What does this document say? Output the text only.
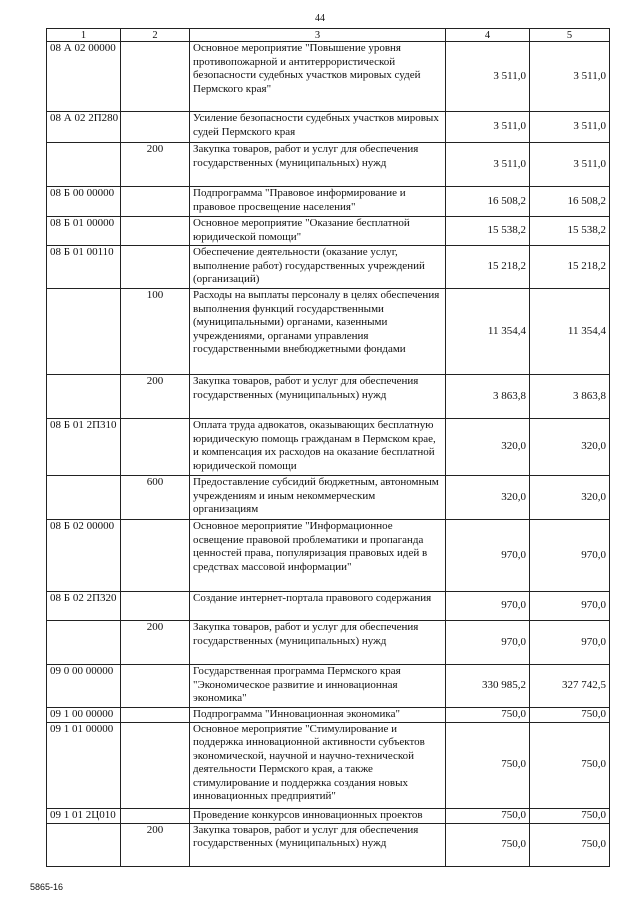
44
1	2	3	4	5
08 А 02 00000		Основное мероприятие "Повышение уровня противопожарной и антитеррористической безопасности судебных участков мировых судей Пермского края"	3 511,0	3 511,0
08 А 02 2П280		Усиление безопасности судебных участков мировых судей Пермского края	3 511,0	3 511,0
	200	Закупка товаров, работ и услуг для обеспечения государственных (муниципальных) нужд	3 511,0	3 511,0
08 Б 00 00000		Подпрограмма "Правовое информирование и правовое просвещение населения"	16 508,2	16 508,2
08 Б 01 00000		Основное мероприятие "Оказание бесплатной юридической помощи"	15 538,2	15 538,2
08 Б 01 00110		Обеспечение деятельности (оказание услуг, выполнение работ) государственных учреждений (организаций)	15 218,2	15 218,2
	100	Расходы на выплаты персоналу в целях обеспечения выполнения функций государственными (муниципальными) органами, казенными учреждениями, органами управления государственными внебюджетными фондами	11 354,4	11 354,4
	200	Закупка товаров, работ и услуг для обеспечения государственных (муниципальных) нужд	3 863,8	3 863,8
08 Б 01 2П310		Оплата труда адвокатов, оказывающих бесплатную юридическую помощь гражданам в Пермском крае, и компенсация их расходов на оказание бесплатной юридической помощи	320,0	320,0
	600	Предоставление субсидий бюджетным, автономным учреждениям и иным некоммерческим организациям	320,0	320,0
08 Б 02 00000		Основное мероприятие "Информационное освещение правовой проблематики и пропаганда ценностей права, популяризация правовых идей в средствах массовой информации"	970,0	970,0
08 Б 02 2П320		Создание интернет-портала правового содержания	970,0	970,0
	200	Закупка товаров, работ и услуг для обеспечения государственных (муниципальных) нужд	970,0	970,0
09 0 00 00000		Государственная программа Пермского края "Экономическое развитие и инновационная экономика"	330 985,2	327 742,5
09 1 00 00000		Подпрограмма "Инновационная экономика"	750,0	750,0
09 1 01 00000		Основное мероприятие "Стимулирование и поддержка инновационной активности субъектов экономической, научной и научно-технической деятельности Пермского края, а также стимулирование и поддержка создания новых инновационных предприятий"	750,0	750,0
09 1 01 2Ц010		Проведение конкурсов инновационных проектов	750,0	750,0
	200	Закупка товаров, работ и услуг для обеспечения государственных (муниципальных) нужд	750,0	750,0
5865-16
